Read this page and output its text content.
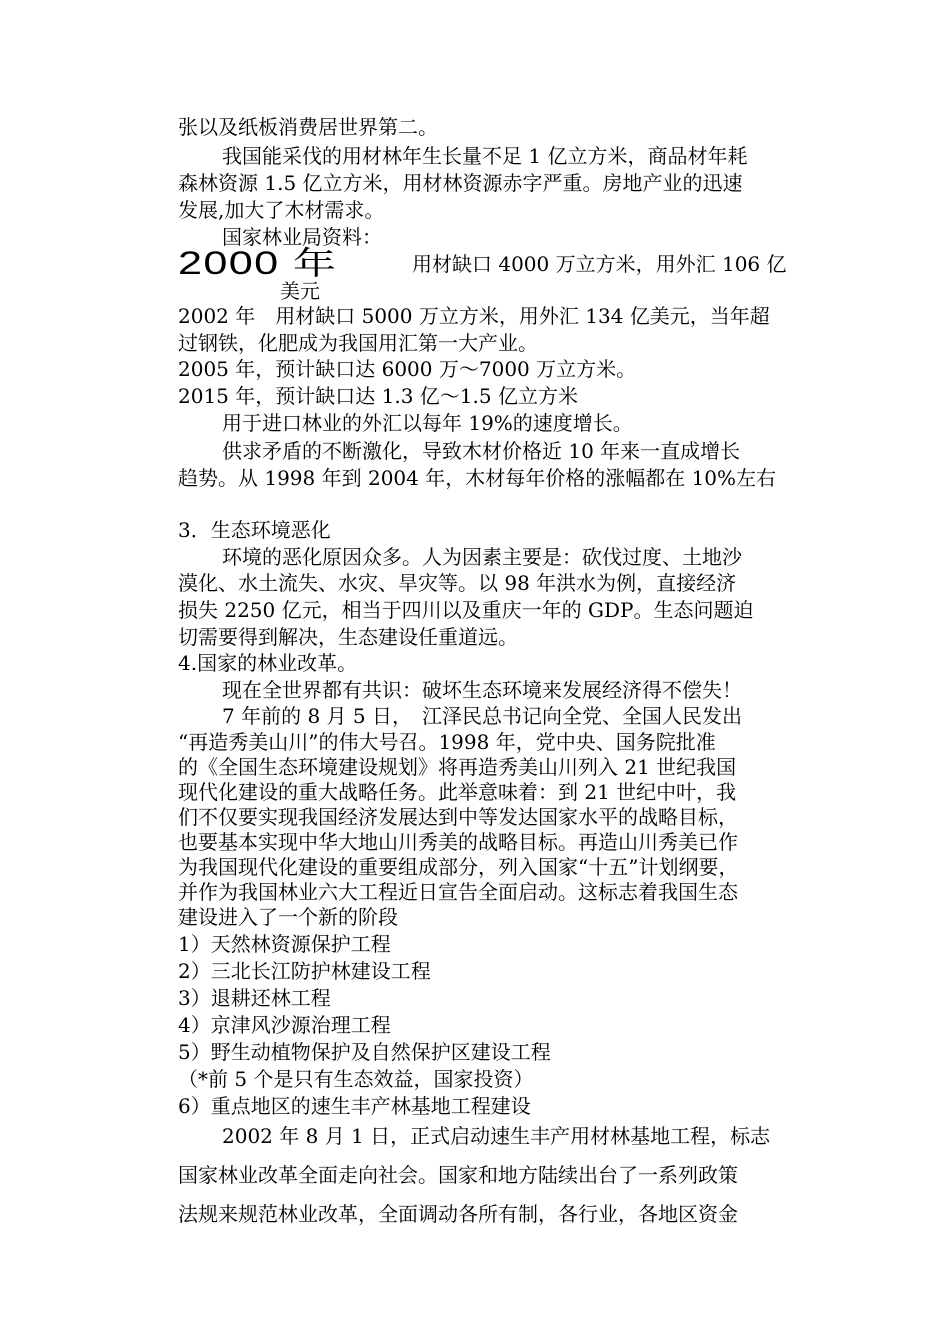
张以及纸板消费居世界第二。
我国能采伐的用材林年生长量不足 1 亿立方米，商品材年耗
森林资源 1.5 亿立方米，用材林资源赤字严重。房地产业的迅速
发展,加大了木材需求。
国家林业局资料：
2000 年	用材缺口 4000 万立方米，用外汇 106 亿
美元
2002 年　用材缺口 5000 万立方米，用外汇 134 亿美元，当年超
过钢铁，化肥成为我国用汇第一大产业。
2005 年，预计缺口达 6000 万～7000 万立方米。
2015 年，预计缺口达 1.3 亿～1.5 亿立方米
用于进口林业的外汇以每年 19%的速度增长。
供求矛盾的不断激化，导致木材价格近 10 年来一直成增长
趋势。从 1998 年到 2004 年，木材每年价格的涨幅都在 10%左右
3．生态环境恶化
环境的恶化原因众多。人为因素主要是：砍伐过度、土地沙
漠化、水土流失、水灾、旱灾等。以 98 年洪水为例，直接经济
损失 2250 亿元，相当于四川以及重庆一年的 GDP。生态问题迫
切需要得到解决，生态建设任重道远。
4.国家的林业改革。
现在全世界都有共识：破坏生态环境来发展经济得不偿失！
7 年前的 8 月 5 日，　江泽民总书记向全党、全国人民发出
“再造秀美山川”的伟大号召。1998 年，党中央、国务院批准
的《全国生态环境建设规划》将再造秀美山川列入 21 世纪我国
现代化建设的重大战略任务。此举意味着：到 21 世纪中叶，我
们不仅要实现我国经济发展达到中等发达国家水平的战略目标，
也要基本实现中华大地山川秀美的战略目标。再造山川秀美已作
为我国现代化建设的重要组成部分，列入国家“十五”计划纲要，
并作为我国林业六大工程近日宣告全面启动。这标志着我国生态
建设进入了一个新的阶段
1）天然林资源保护工程
2）三北长江防护林建设工程
3）退耕还林工程
4）京津风沙源治理工程
5）野生动植物保护及自然保护区建设工程
（*前 5 个是只有生态效益，国家投资）
6）重点地区的速生丰产林基地工程建设
2002 年 8 月 1 日，正式启动速生丰产用材林基地工程，标志
国家林业改革全面走向社会。国家和地方陆续出台了一系列政策
法规来规范林业改革，全面调动各所有制，各行业，各地区资金
